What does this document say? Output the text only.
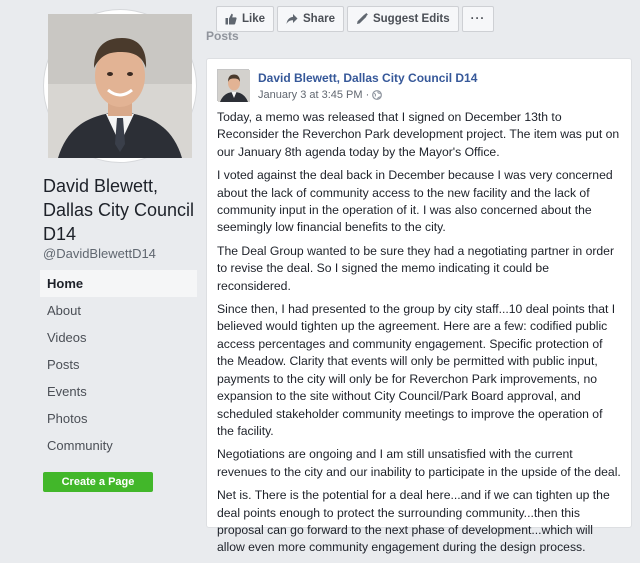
David Blewett, Dallas City Council D14
@DavidBlewettD14
Home
About
Videos
Posts
Events
Photos
Community
Create a Page
Like	Share	Suggest Edits ···
Posts
David Blewett, Dallas City Council D14
January 3 at 3:45 PM ·

Today, a memo was released that I signed on December 13th to Reconsider the Reverchon Park development project. The item was put on our January 8th agenda today by the Mayor's Office.

I voted against the deal back in December because I was very concerned about the lack of community access to the new facility and the lack of community input in the operation of it. I was also concerned about the seemingly low financial benefits to the city.

The Deal Group wanted to be sure they had a negotiating partner in order to revise the deal. So I signed the memo indicating it could be reconsidered.

Since then, I had presented to the group by city staff...10 deal points that I believed would tighten up the agreement. Here are a few: codified public access percentages and community engagement. Specific protection of the Meadow. Clarity that events will only be permitted with public input, payments to the city will only be for Reverchon Park improvements, no expansion to the site without City Council/Park Board approval, and scheduled stakeholder community meetings to improve the operation of the facility.

Negotiations are ongoing and I am still unsatisfied with the current revenues to the city and our inability to participate in the upside of the deal.

Net is. There is the potential for a deal here...and if we can tighten up the deal points enough to protect the surrounding community...then this proposal can go forward to the next phase of development...which will allow even more community engagement during the design process.
